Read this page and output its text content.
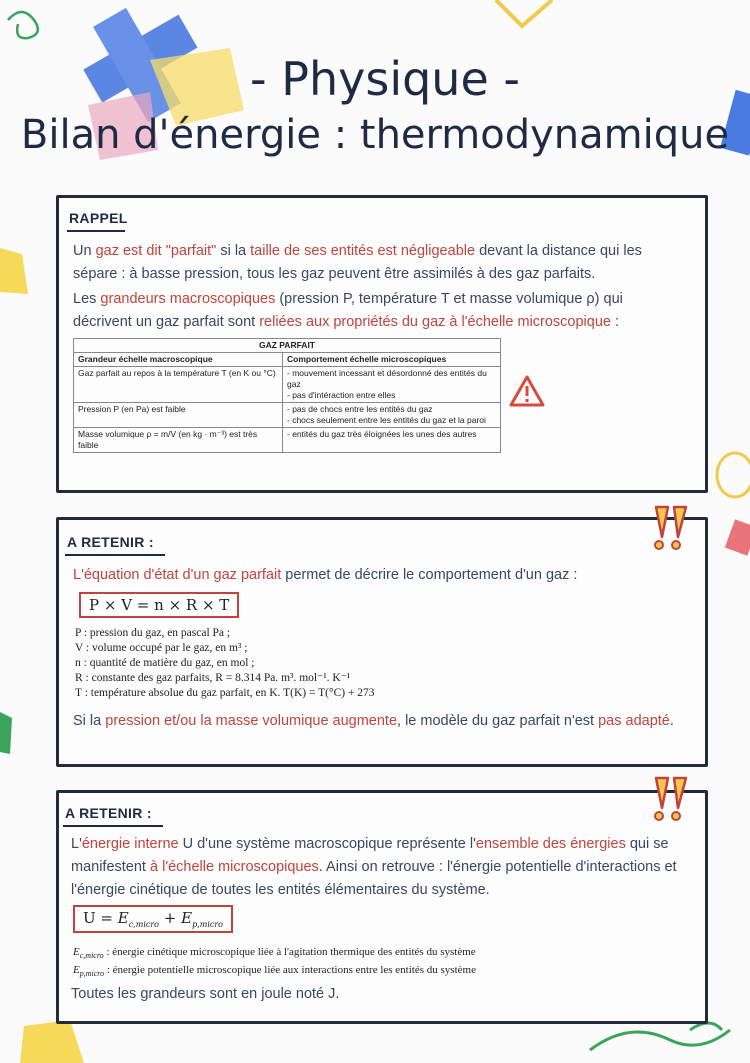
- Physique -
Bilan d'énergie : thermodynamique
RAPPEL
Un gaz est dit "parfait" si la taille de ses entités est négligeable devant la distance qui les sépare : à basse pression, tous les gaz peuvent être assimilés à des gaz parfaits.
Les grandeurs macroscopiques (pression P, température T et masse volumique ρ) qui décrivent un gaz parfait sont reliées aux propriétés du gaz à l'échelle microscopique :
GAZ PARFAIT	
Grandeur échelle macroscopique	Comportement échelle microscopiques
Gaz parfait au repos à la température T (en K ou °C)	- mouvement incessant et désordonné des entités du gaz
- pas d'intéraction entre elles
Pression P (en Pa) est faible	- pas de chocs entre les entités du gaz
- chocs seulement entre les entités du gaz et la paroi
Masse volumique ρ = m/V (en kg · m⁻³) est très faible	- entités du gaz très éloignées les unes des autres
A RETENIR :
L'équation d'état d'un gaz parfait permet de décrire le comportement d'un gaz :
P × V = n × R × T
P : pression du gaz, en pascal Pa ;
V : volume occupé par le gaz, en m³ ;
n : quantité de matière du gaz, en mol ;
R : constante des gaz parfaits, R = 8.314 Pa. m³. mol⁻¹. K⁻¹
T : température absolue du gaz parfait, en K. T(K) = T(°C) + 273
Si la pression et/ou la masse volumique augmente, le modèle du gaz parfait n'est pas adapté.
A RETENIR :
L'énergie interne U d'une système macroscopique représente l'ensemble des énergies qui se manifestent à l'échelle microscopiques. Ainsi on retrouve : l'énergie potentielle d'interactions et l'énergie cinétique de toutes les entités élémentaires du système.
$U = E_{c,micro} + E_{p,micro}$
$E_{c,micro}$ : énergie cinétique microscopique liée à l'agitation thermique des entités du système
$E_{p,micro}$ : énergie potentielle microscopique liée aux interactions entre les entités du système
Toutes les grandeurs sont en joule noté J.
